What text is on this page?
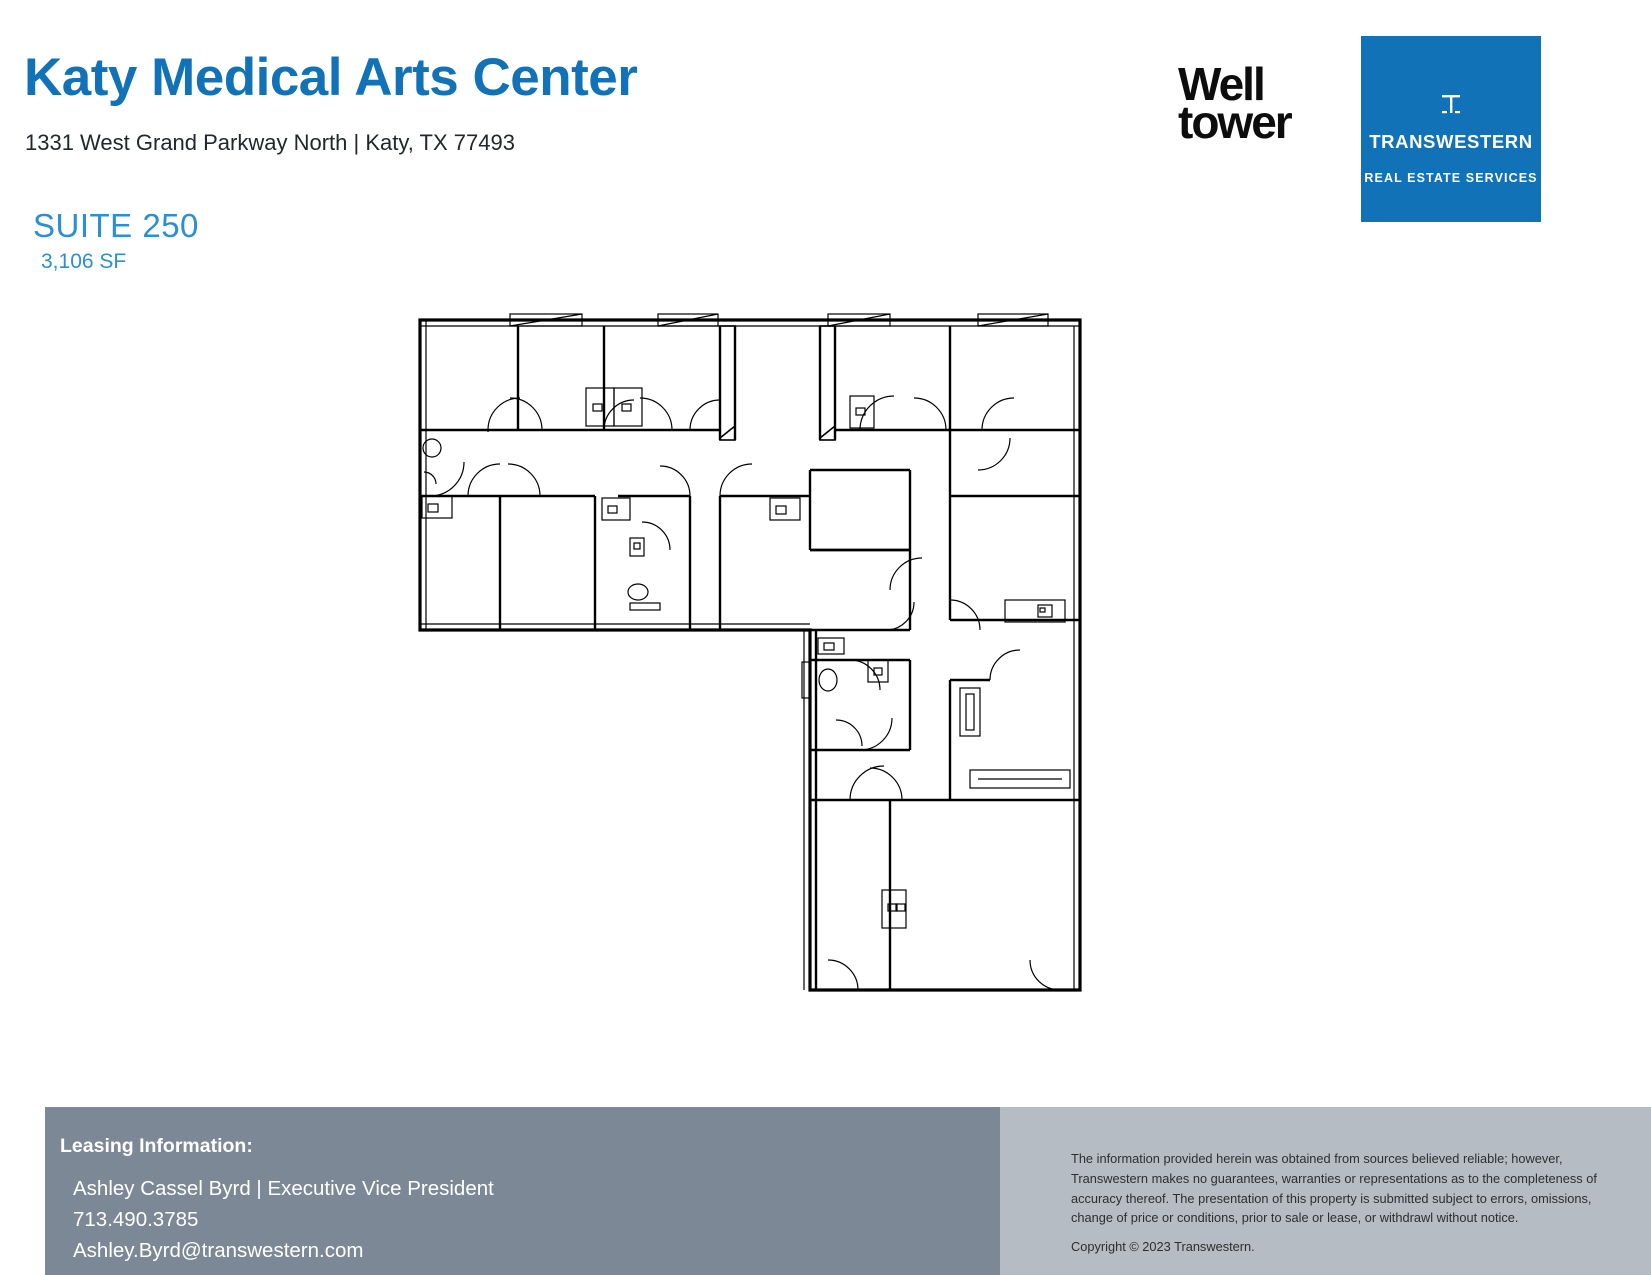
Katy Medical Arts Center
1331 West Grand Parkway North | Katy, TX 77493
SUITE 250
3,106 SF
Well
tower	TRANSWESTERN
REAL ESTATE SERVICES
Leasing Information:
Ashley Cassel Byrd | Executive Vice President
713.490.3785
Ashley.Byrd@transwestern.com
The information provided herein was obtained from sources believed reliable; however, Transwestern makes no guarantees, warranties or representations as to the completeness of accuracy thereof. The presentation of this property is submitted subject to errors, omissions, change of price or conditions, prior to sale or lease, or withdrawl without notice.
Copyright © 2023 Transwestern.
